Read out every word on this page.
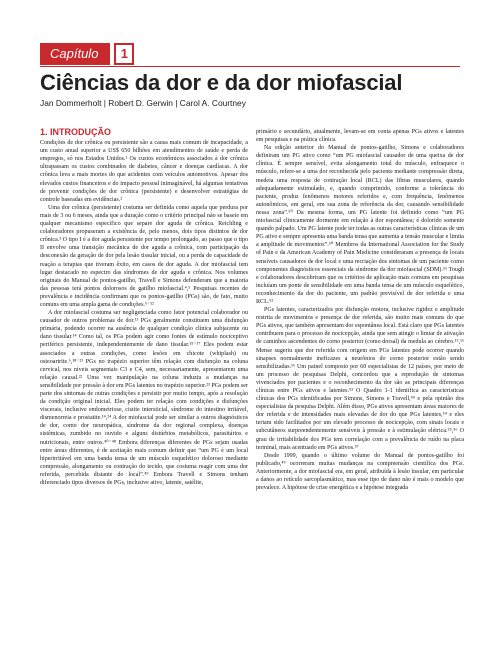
Capítulo	1
Ciências da dor e da dor miofascial
Jan Dommerholt | Robert D. Gerwin | Carol A. Courtney
1. INTRODUÇÃO

Condições de dor crônica ou persistente são a causa mais comum de incapacidade, a um custo anual superior a US$ 650 bilhões em atendimentos de saúde e perda de empregos, só nos Estados Unidos.¹ Os custos econômicos associados à dor crônica ultrapassam os custos combinados de diabetes, câncer e doenças cardíacas. A dor crônica leva a mais mortes do que acidentes com veículos automotivos. Apesar dos elevados custos financeiros e do impacto pessoal inimaginável, há algumas tentativas de prevenir condições de dor crônica (persistente) e desenvolver estratégias de controle baseadas em evidências.²

Uma dor crônica (persistente) costuma ser definida como aquela que perdura por mais de 3 ou 6 meses, ainda que a duração como o critério principal não se baseie em qualquer mecanismo específico que separe dor aguda de crônica. Reichling e colaboradores propuseram a existência de, pelo menos, dois tipos distintos de dor crônica.³ O tipo I é a dor aguda persistente por tempo prolongado, ao passo que o tipo II envolve uma transição mecânica de dor aguda a crônica, com participação da desconexão da geração de dor pela lesão tissular inicial, ou a perda de capacidade de reação a terapias que tiveram êxito, em casos de dor aguda. A dor miofascial tem lugar destacado no espectro das síndromes de dor aguda e crônica. Nos volumes originais do Manual de pontos-gatilho, Travell e Simons defenderam que a maioria das pessoas terá pontos dolorosos de gatilho miofascial.⁴,⁵ Pesquisas recentes de prevalência e incidência confirmam que os pontos-gatilho (PGs) são, de fato, muito comuns em uma ampla gama de condições.⁶⁻¹²

A dor miofascial costuma ser negligenciada como fator potencial colaborador ou causador de outros problemas de dor.¹³ PGs geralmente constituem uma disfunção primária, podendo ocorrer na ausência de qualquer condição clínica subjacente ou dano tissular.¹⁴ Como tal, os PGs podem agir como fontes de estímulo nociceptivo periférico persistente, independentemente de dano tissular.¹⁵⁻¹⁷ Eles podem estar associados a outras condições, como lesões em chicote (whiplash) ou osteoartrite.⁶,¹⁸⁻²¹ PGs no trapézio superior têm relação com disfunção na coluna cervical, nos níveis segmentais C3 e C4, sem, necessariamente, apresentarem uma relação causal.²² Uma vez manipulação na coluna induziu a mudanças na sensibilidade por pressão à dor em PGs latentes no trapézio superior.²³ PGs podem ser parte dos sintomas de outras condições e persistir por muito tempo, após a resolução da condição original inicial. Eles podem ter relação com condições e disfunções viscerais, inclusive endometriose, cistite intersticial, síndrome do intestino irritável, dismenorreia e prostatite.¹⁴,²⁴ A dor miofascial pode ser similar a outros diagnósticos de dor, como dor neuropática, síndrome da dor regional complexa, doenças sistêmicas, zumbido no ouvido e alguns distúrbios metabólicos, parasitários e nutricionais, entre outros.⁴⁰⁻⁴⁸ Embora diferenças diferentes de PGs sejam usadas entre áreas diferentes, é de aceitação mais comum definir que “um PG é um local hiperirritável em uma banda tensa de um músculo esquelético doloroso mediante compressão, alongamento ou contração do tecido, que costuma reagir com uma dor referida, percebida distante do local”.⁴⁹ Embora Travell e Simons tenham diferenciado tipos diversos de PGs, inclusive ativo, latente, satélite,

primário e secundário, atualmente, levam-se em conta apenas PGs ativos e latentes em pesquisas e na prática clínica.

Na edição anterior do Manual de pontos-gatilho, Simons e colaboradores definiram um PG ativo como “um PG miofascial causador de uma queixa de dor clínica. É sempre sensível, evita alongamento total do músculo, enfraquece o músculo, refere-se a uma dor reconhecida pelo paciente mediante compressão direta, medeia uma resposta de contração local (RCL) das fibras musculares, quando adequadamente estimulado, e, quando comprimido, conforme a tolerância do paciente, produz fenômenos motores referidos e, com frequência, fenômenos autonômicos, em geral, em sua zona de referência da dor, causando sensibilidade nessa zona”.⁵⁰ Da mesma forma, um PG latente foi definido como “um PG miofascial clinicamente dormente em relação à dor espontânea; é dolorido somente quando palpado. Um PG latente pode ter todas as outras características clínicas de um PG ativo e sempre apresenta uma banda tensa que aumenta a tensão muscular e limita a amplitude de movimentos”.⁵⁰ Membros da International Association for the Study of Pain e da American Academy of Pain Medicine consideraram a presença de locais sensíveis causadores de dor local e uma recriação dos sintomas de um paciente como componentes diagnósticos essenciais da síndrome da dor miofascial (SDM).⁵¹ Tough e colaboradores descobriram que os critérios de aplicação mais comuns em pesquisas incluíam um ponte de sensibilidade em uma banda tensa de um músculo esquelético, reconhecimento da dor do paciente, um padrão previsível de dor referida e uma RCL.⁵²

PGs latentes, caracterizados por disfunção motora, inclusive rigidez e amplitude restrita de movimentos e presença de dor referida, são muito mais comuns do que PGs ativos, que também apresentam dor espontânea local. Está claro que PGs latentes contribuem para o processo de nocicepção, ainda que sem atingir o limiar de ativação de caminhos ascendentes do corno posterior (como dorsal) da medula ao cérebro.¹⁵,¹⁶ Mense sugeriu que dor referida com origem em PGs latentes pode ocorrer quando sinapses normalmente ineficazes a neurônios do corno posterior estão sendo sensibilizadas.¹⁶ Um painel composto por 60 especialistas de 12 países, por meio de um processo de pesquisas Delphi, concordou que a reprodução de sintomas vivenciados por pacientes e o reconhecimento da dor são as principais diferenças clínicas entre PGs ativos e latentes.⁵³ O Quadro 1-1 identifica as características clínicas dos PGs identificadas por Simons, Simons e Travell,⁴⁹ e pela opinião dos especialistas da pesquisa Delphi. Além disso, PGs ativos apresentam áreas maiores de dor referida e de intensidades mais elevadas de dor do que PGs latentes,⁵⁴ e eles teriam sido facilitados por um elevado processo de nocicepção, com sinais locais e subcutâneos surpreendentemente sensíveis à pressão e à estimulação elétrica.⁵⁵,⁵⁶ O grau de irritabilidade dos PGs tem correlação com a prevalência de ruído na placa terminal, mais acentuado em PGs ativos.⁵⁷

Desde 1999, quando o último volume do Manual de pontos-gatilho foi publicado,⁴⁹ ocorreram muitas mudanças na compreensão científica dos PGs. Anteriormente, a dor miofascial era, em geral, atribuída à lesão tissular, em particular a danos ao retículo sarcoplasmático, mas esse tipo de dano não é mais o modelo que prevalece. A hipótese de crise energética e a hipótese integrada
